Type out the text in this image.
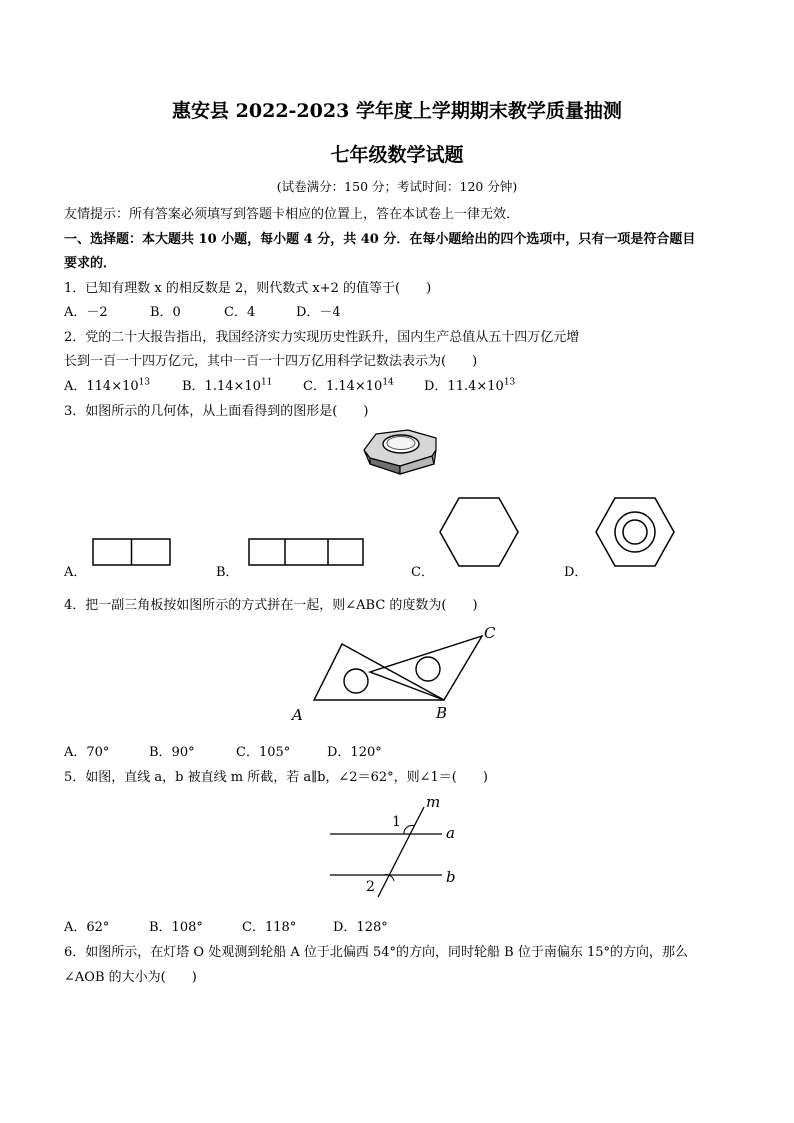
惠安县 2022-2023 学年度上学期期末教学质量抽测
七年级数学试题
(试卷满分：150 分；考试时间：120 分钟)
友情提示：所有答案必须填写到答题卡相应的位置上，答在本试卷上一律无效．
一、选择题：本大题共 10 小题，每小题 4 分，共 40 分．在每小题给出的四个选项中，只有一项是符合题目
要求的．
1．已知有理数 x 的相反数是 2，则代数式 x+2 的值等于(　　)
A．－2	B．0	C．4	D．－4
2．党的二十大报告指出，我国经济实力实现历史性跃升，国内生产总值从五十四万亿元增
长到一百一十四万亿元，其中一百一十四万亿用科学记数法表示为(　　)
A．$114\times 10^{13}$ B．$1.14\times 10^{11}$ C．$1.14\times 10^{14}$ D．$11.4\times 10^{13}$
3．如图所示的几何体，从上面看得到的图形是(　　)
A．	B．	C．	D．
4．把一副三角板按如图所示的方式拼在一起，则∠ABC 的度数为(　　)
A	B
C
A．70°	B．90°	C．105°	D．120°
5．如图，直线 a，b 被直线 m 所截，若 a∥b，∠2＝62°，则∠1＝(　　)
m
a
b
1
2
A．62°	B．108°	C．118°	D．128°
6．如图所示，在灯塔 O 处观测到轮船 A 位于北偏西 54°的方向，同时轮船 B 位于南偏东 15°的方向，那么
∠AOB 的大小为(　　)
